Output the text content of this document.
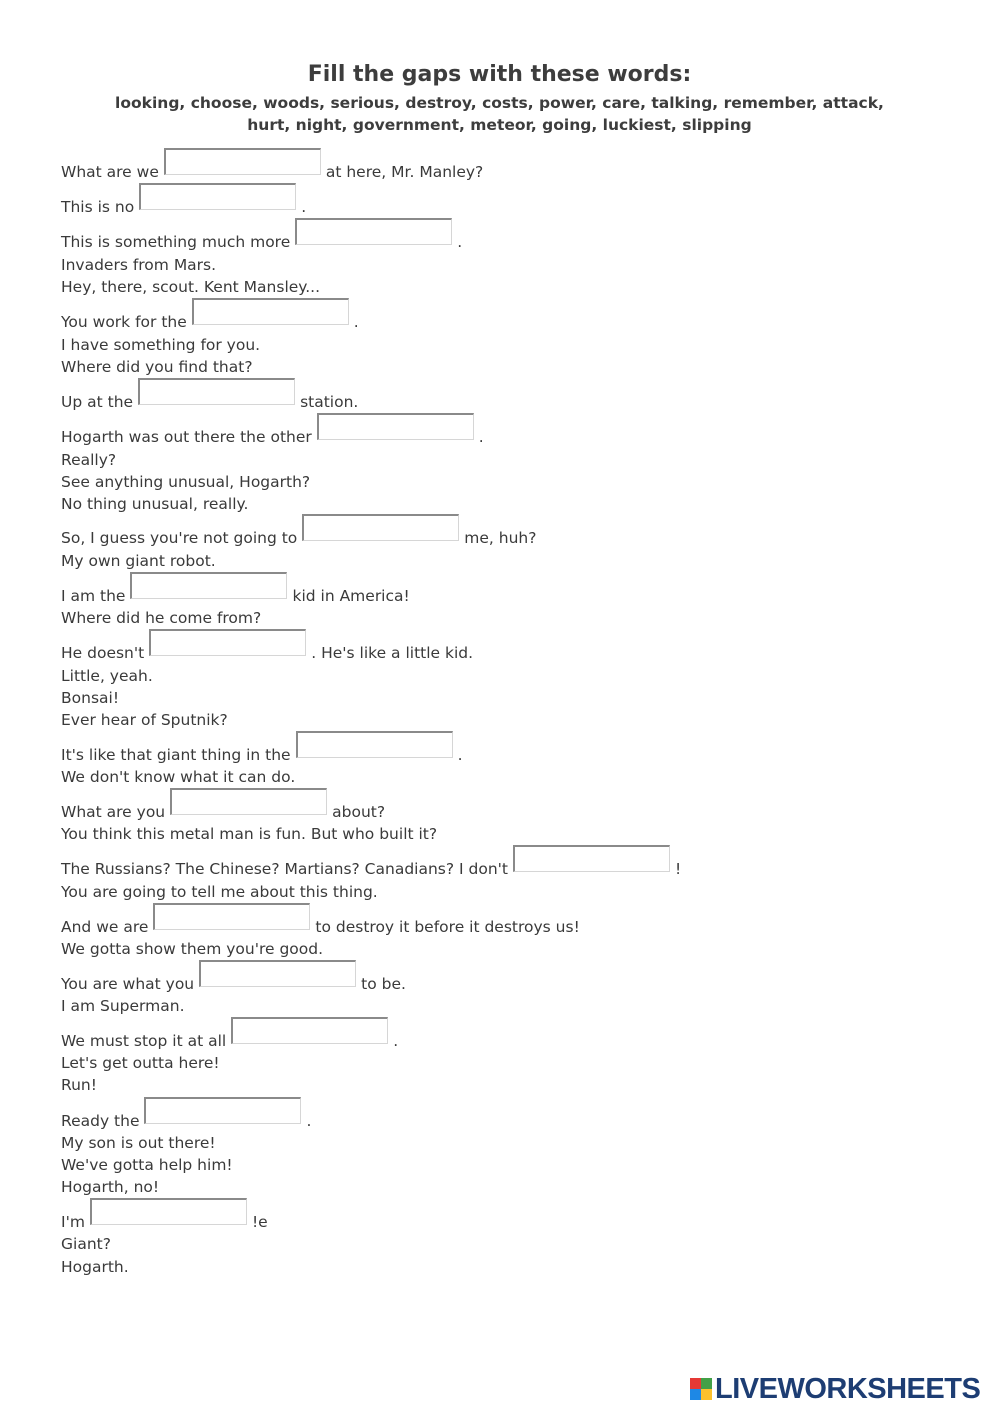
Fill the gaps with these words:
looking, choose, woods, serious, destroy, costs, power, care, talking, remember, attack,
hurt, night, government, meteor, going, luckiest, slipping
What are we	at here, Mr. Manley?
This is no	.
This is something much more	.
Invaders from Mars.
Hey, there, scout. Kent Mansley...
You work for the	.
I have something for you.
Where did you find that?
Up at the	station.
Hogarth was out there the other	.
Really?
See anything unusual, Hogarth?
No thing unusual, really.
So, I guess you're not going to	me, huh?
My own giant robot.
I am the	kid in America!
Where did he come from?
He doesn't	. He's like a little kid.
Little, yeah.
Bonsai!
Ever hear of Sputnik?
It's like that giant thing in the	.
We don't know what it can do.
What are you	about?
You think this metal man is fun. But who built it?
The Russians? The Chinese? Martians? Canadians? I don't	!
You are going to tell me about this thing.
And we are	to destroy it before it destroys us!
We gotta show them you're good.
You are what you	to be.
I am Superman.
We must stop it at all	.
Let's get outta here!
Run!
Ready the	.
My son is out there!
We've gotta help him!
Hogarth, no!
I'm	!e
Giant?
Hogarth.
LIVEWORKSHEETS
